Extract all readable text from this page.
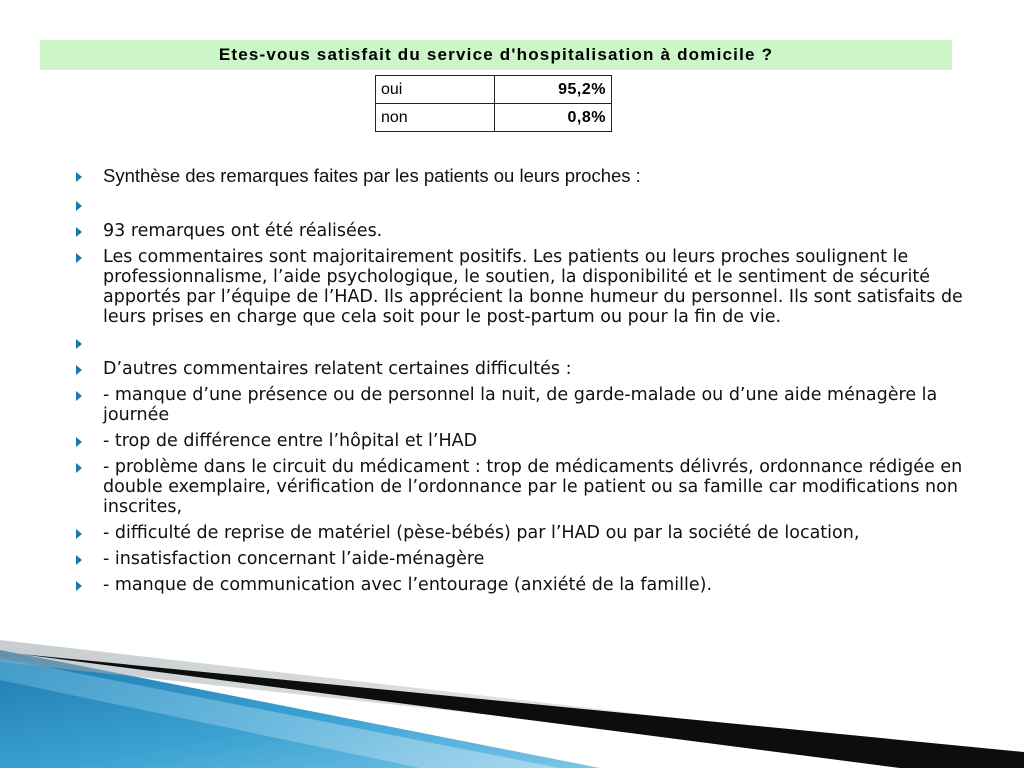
Etes-vous satisfait du service d'hospitalisation à domicile ?
oui	95,2%
non	0,8%
Synthèse des remarques faites par les patients ou leurs proches :
93 remarques ont été réalisées.
Les commentaires sont majoritairement positifs. Les patients ou leurs proches soulignent le professionnalisme, l’aide psychologique, le soutien, la disponibilité et le sentiment de sécurité apportés par l’équipe de l’HAD. Ils apprécient la bonne humeur du personnel. Ils sont satisfaits de leurs prises en charge que cela soit pour le post-partum ou pour la fin de vie.
D’autres commentaires relatent certaines difficultés :
- manque d’une présence ou de personnel la nuit, de garde-malade ou d’une aide ménagère la journée
- trop de différence entre l’hôpital et l’HAD
- problème dans le circuit du médicament : trop de médicaments délivrés, ordonnance rédigée en double exemplaire, vérification de l’ordonnance par le patient ou sa famille car modifications non inscrites,
- difficulté de reprise de matériel (pèse-bébés) par l’HAD ou par la société de location,
- insatisfaction concernant l’aide-ménagère
- manque de communication avec l’entourage (anxiété de la famille).
